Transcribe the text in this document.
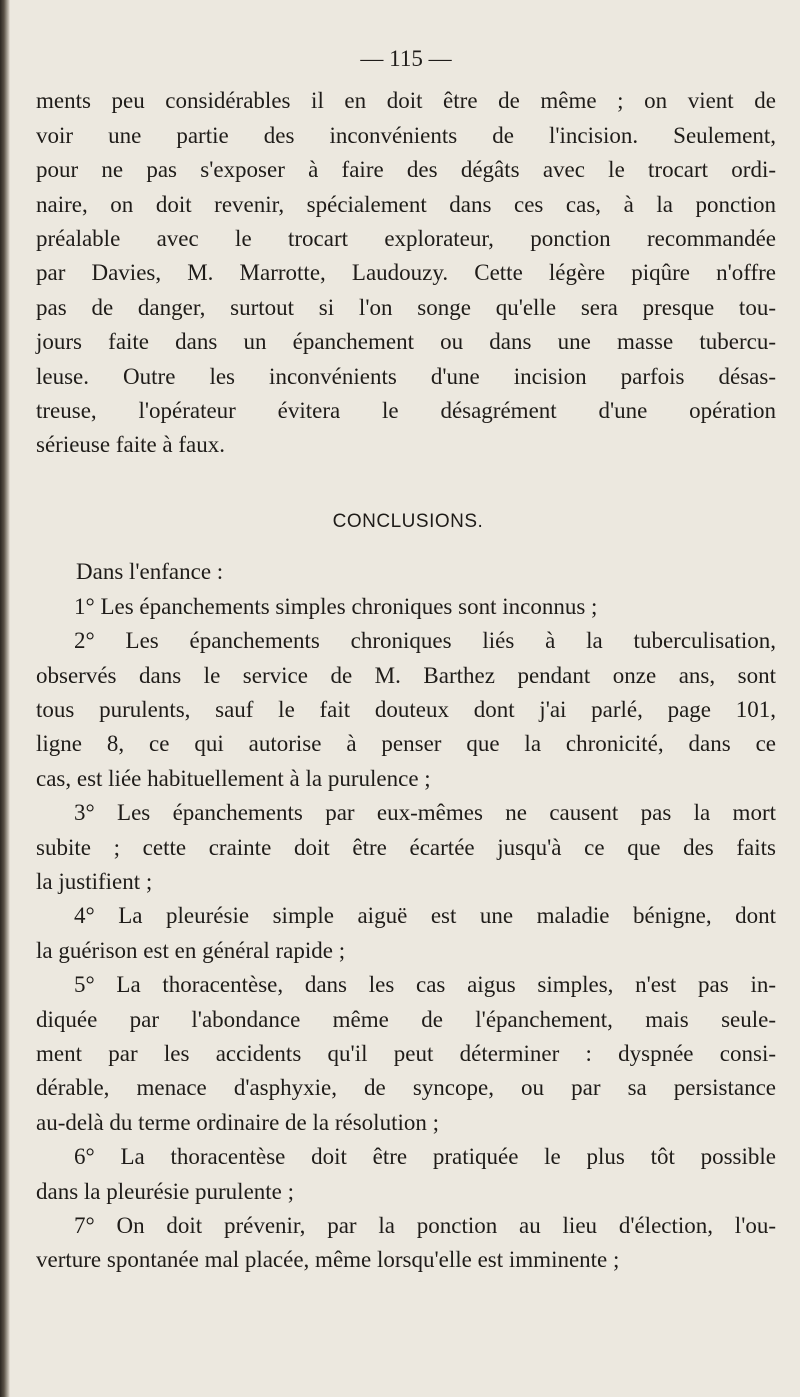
— 115 —

ments peu considérables il en doit être de même ; on vient de
voir une partie des inconvénients de l'incision. Seulement,
pour ne pas s'exposer à faire des dégâts avec le trocart ordi-
naire, on doit revenir, spécialement dans ces cas, à la ponction
préalable avec le trocart explorateur, ponction recommandée
par Davies, M. Marrotte, Laudouzy. Cette légère piqûre n'offre
pas de danger, surtout si l'on songe qu'elle sera presque tou-
jours faite dans un épanchement ou dans une masse tubercu-
leuse. Outre les inconvénients d'une incision parfois désas-
treuse, l'opérateur évitera le désagrément d'une opération
sérieuse faite à faux.

CONCLUSIONS.

Dans l'enfance :

1° Les épanchements simples chroniques sont inconnus ;

2° Les épanchements chroniques liés à la tuberculisation,
observés dans le service de M. Barthez pendant onze ans, sont
tous purulents, sauf le fait douteux dont j'ai parlé, page 101,
ligne 8, ce qui autorise à penser que la chronicité, dans ce
cas, est liée habituellement à la purulence ;

3° Les épanchements par eux-mêmes ne causent pas la mort
subite ; cette crainte doit être écartée jusqu'à ce que des faits
la justifient ;

4° La pleurésie simple aiguë est une maladie bénigne, dont
la guérison est en général rapide ;

5° La thoracentèse, dans les cas aigus simples, n'est pas in-
diquée par l'abondance même de l'épanchement, mais seule-
ment par les accidents qu'il peut déterminer : dyspnée consi-
dérable, menace d'asphyxie, de syncope, ou par sa persistance
au-delà du terme ordinaire de la résolution ;

6° La thoracentèse doit être pratiquée le plus tôt possible
dans la pleurésie purulente ;

7° On doit prévenir, par la ponction au lieu d'élection, l'ou-
verture spontanée mal placée, même lorsqu'elle est imminente ;
